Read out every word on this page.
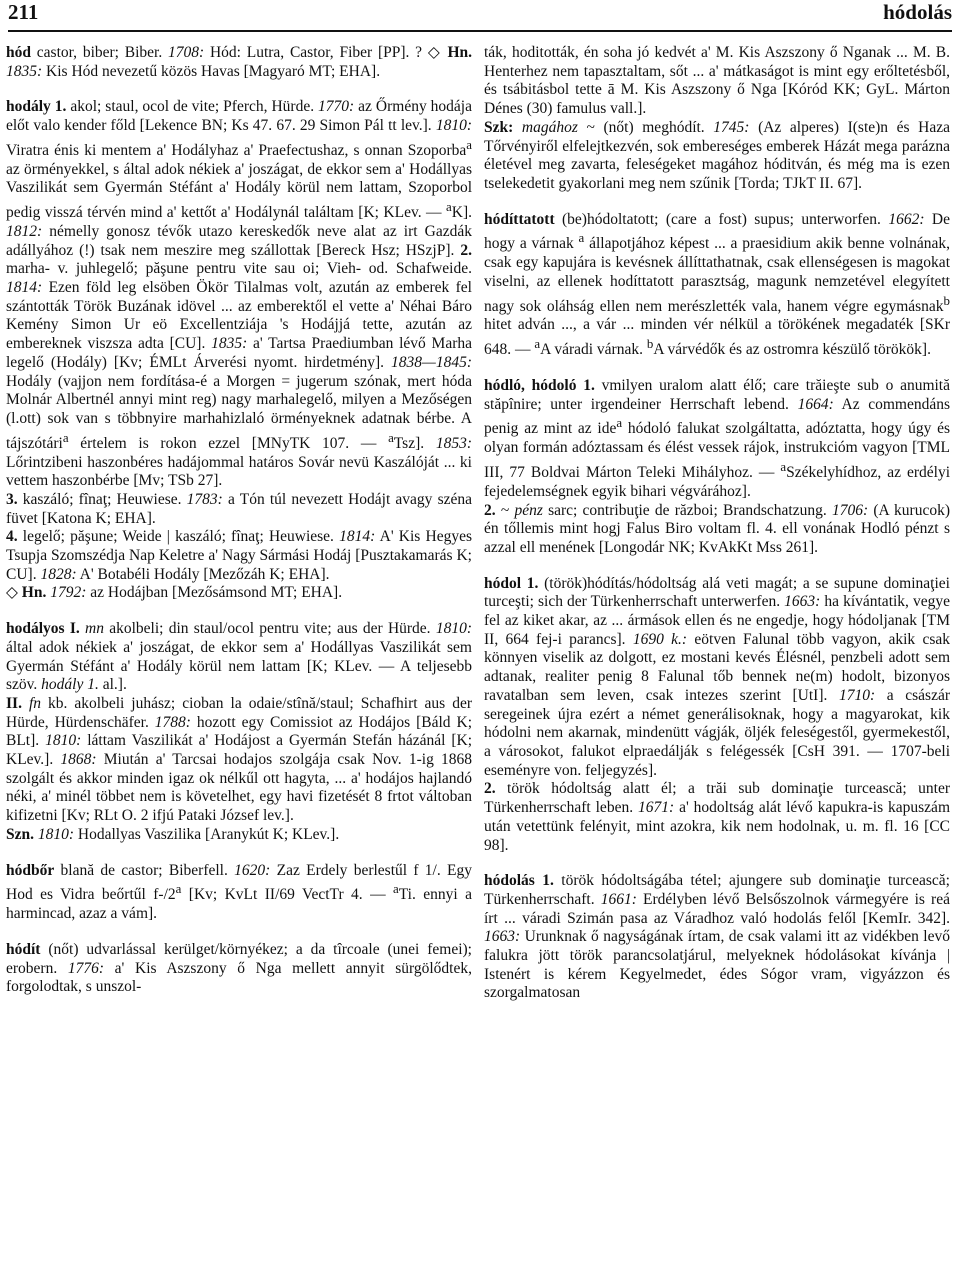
211	hódolás

hód castor, biber; Biber. 1708: Hód: Lutra, Castor, Fiber [PP]. ? ◇ Hn. 1835: Kis Hód nevezetű közös Havas [Magyaró MT; EHA].

hodály 1. akol; staul, ocol de vite; Pferch, Hürde. 1770: az Őrmény hodája előt valo kender főld [Lekence BN; Ks 47. 67. 29 Simon Pál tt lev.]. 1810: Viratra énis ki mentem a' Hodályhaz a' Praefectushaz, s onnan Szoporba$^a$ az örményekkel, s által adok nékiek a' joszágat, de ekkor sem a' Hodállyas Vaszilikát sem Gyermán Stéfánt a' Hodály körül nem lattam, Szoporbol pedig visszá térvén mind a' kettőt a' Hodálynál találtam [K; KLev. — $^a$K]. 1812: némelly gonosz tévők utazo kereskedők neve alat az irt Gazdák adállyához (!) tsak nem meszire meg szállottak [Bereck Hsz; HSzjP]. 2. marha- v. juhlegelő; păşune pentru vite sau oi; Vieh- od. Schafweide. 1814: Ezen föld leg elsöben Ökör Tilalmas volt, azután az emberek fel szántották Török Buzának idövel ... az emberektől el vette a' Néhai Báro Kemény Simon Ur eö Excellentziája 's Hodájjá tette, azután az embereknek viszsza adta [CU]. 1835: a' Tartsa Praediumban lévő Marha legelő (Hodály) [Kv; ÉMLt Árverési nyomt. hirdetmény]. 1838—1845: Hodály (vajjon nem fordítása-é a Morgen = jugerum szónak, mert hóda Molnár Albertnél annyi mint reg) nagy marhalegelő, milyen a Mezőségen (l.ott) sok van s többnyire marhahizlaló örményeknek adatnak bérbe. A tájszótári$^a$ értelem is rokon ezzel [MNyTK 107. — $^a$Tsz]. 1853: Lőrintzibeni haszonbéres hadájommal határos Sovár nevü Kaszálóját ... ki vettem haszonbérbe [Mv; TSb 27].

3. kaszáló; fînaţ; Heuwiese. 1783: a Tón túl nevezett Hodájt avagy széna füvet [Katona K; EHA].

4. legelő; păşune; Weide | kaszáló; fînaţ; Heuwiese. 1814: A' Kis Hegyes Tsupja Szomszédja Nap Keletre a' Nagy Sármási Hodáj [Pusztakamarás K; CU]. 1828: A' Botabéli Hodály [Mezőzáh K; EHA].

◇ Hn. 1792: az Hodájban [Mezősámsond MT; EHA].

hodályos I. mn akolbeli; din staul/ocol pentru vite; aus der Hürde. 1810: által adok nékiek a' joszágat, de ekkor sem a' Hodállyas Vaszilikát sem Gyermán Stéfánt a' Hodály körül nem lattam [K; KLev. — A teljesebb szöv. hodály 1. al.].

II. fn kb. akolbeli juhász; cioban la odaie/stînă/staul; Schafhirt aus der Hürde, Hürdenschäfer. 1788: hozott egy Comissiot az Hodájos [Báld K; BLt]. 1810: láttam Vaszilikát a' Hodájost a Gyermán Stefán házánál [K; KLev.]. 1868: Miután a' Tarcsai hodajos szolgája csak Nov. 1-ig 1868 szolgált és akkor minden igaz ok nélkűl ott hagyta, ... a' hodájos hajlandó néki, a' minél többet nem is követelhet, egy havi fizetését 8 frtot váltoban kifizetni [Kv; RLt O. 2 ifjú Pataki József lev.].

Szn. 1810: Hodallyas Vaszilika [Aranykút K; KLev.].

hódbőr blană de castor; Biberfell. 1620: Zaz Erdely berlestűl f 1/. Egy Hod es Vidra beőrtűl f-/2$^a$ [Kv; KvLt II/69 VectTr 4. — $^a$Ti. ennyi a harmincad, azaz a vám].

hódít (nőt) udvarlással kerülget/környékez; a da tîrcoale (unei femei); erobern. 1776: a' Kis Aszszony ő Nga mellett annyit sürgölődtek, forgolodtak, s unszol-

ták, hoditották, én soha jó kedvét a' M. Kis Aszszony ő Nganak ... M. B. Henterhez nem tapasztaltam, sőt ... a' mátkaságot is mint egy erőltetésből, és tsábitásbol tette ā M. Kis Aszszony ő Nga [Kóród KK; GyL. Márton Dénes (30) famulus vall.].

Szk: magához ~ (nőt) meghódít. 1745: (Az alperes) I(ste)n és Haza Tőrvényiről elfelejtkezvén, sok embereséges emberek Házát mega parázna életével meg zavarta, feleségeket magához hóditván, és még ma is ezen tselekedetit gyakorlani meg nem szűnik [Torda; TJkT II. 67].

hódíttatott (be)hódoltatott; (care a fost) supus; unterworfen. 1662: De hogy a várnak $^a$ állapotjához képest ... a praesidium akik benne volnának, csak egy kapujára is kevésnek állíttathatnak, csak ellenségesen is magokat viselni, az ellenek hodíttatott parasztság, magunk nemzetével elegyített nagy sok oláhság ellen nem merészlették vala, hanem végre egymásnak$^b$ hitet adván ..., a vár ... minden vér nélkül a törökének megadaték [SKr 648. — $^a$A váradi várnak. $^b$A várvédők és az ostromra készülő törökök].

hódló, hódoló 1. vmilyen uralom alatt élő; care trăieşte sub o anumită stăpînire; unter irgendeiner Herrschaft lebend. 1664: Az commendáns penig az mint az ide$^a$ hódoló falukat szolgáltatta, adóztatta, hogy úgy és olyan formán adóztassam és élést vessek rájok, instrukcióm vagyon [TML III, 77 Boldvai Márton Teleki Mihályhoz. — $^a$Székelyhídhoz, az erdélyi fejedelemségnek egyik bihari végvárához].

2. ~ pénz sarc; contribuţie de război; Brandschatzung. 1706: (A kurucok) én tőllemis mint hogj Falus Biro voltam fl. 4. ell vonának Hodló pénzt s azzal ell menének [Longodár NK; KvAkKt Mss 261].

hódol 1. (török)hódítás/hódoltság alá veti magát; a se supune dominaţiei turceşti; sich der Türkenherrschaft unterwerfen. 1663: ha kívántatik, vegye fel az kiket akar, az ... ármások ellen és ne engedje, hogy hódoljanak [TM II, 664 fej-i parancs]. 1690 k.: eötven Falunal több vagyon, akik csak könnyen viselik az dolgott, ez mostani kevés Élésnél, penzbeli adott sem adtanak, realiter penig 8 Falunal tőb bennek ne(m) hodolt, bizonyos ravatalban sem leven, csak intezes szerint [UtI]. 1710: a császár seregeinek újra ezért a német generálisoknak, hogy a magyarokat, kik hódolni nem akarnak, mindenütt vágják, öljék feleségestől, gyermekestől, a városokot, falukot elpraedálják s felégessék [CsH 391. — 1707-beli eseményre von. feljegyzés].

2. török hódoltság alatt él; a trăi sub dominaţie turcească; unter Türkenherrschaft leben. 1671: a' hodoltság alát lévő kapukra-is kapuszám után vetettünk felényit, mint azokra, kik nem hodolnak, u. m. fl. 16 [CC 98].

hódolás 1. török hódoltságába tétel; ajungere sub dominaţie turcească; Türkenherrschaft. 1661: Erdélyben lévő Belsőszolnok vármegyére is reá írt ... váradi Szimán pasa az Váradhoz való hodolás felől [KemIr. 342]. 1663: Urunknak ő nagyságának írtam, de csak valami itt az vidékben levő falukra jött török parancsolatjárul, melyeknek hódolásokat kívánja | Istenért is kérem Kegyelmedet, édes Sógor vram, vigyázzon és szorgalmatosan
